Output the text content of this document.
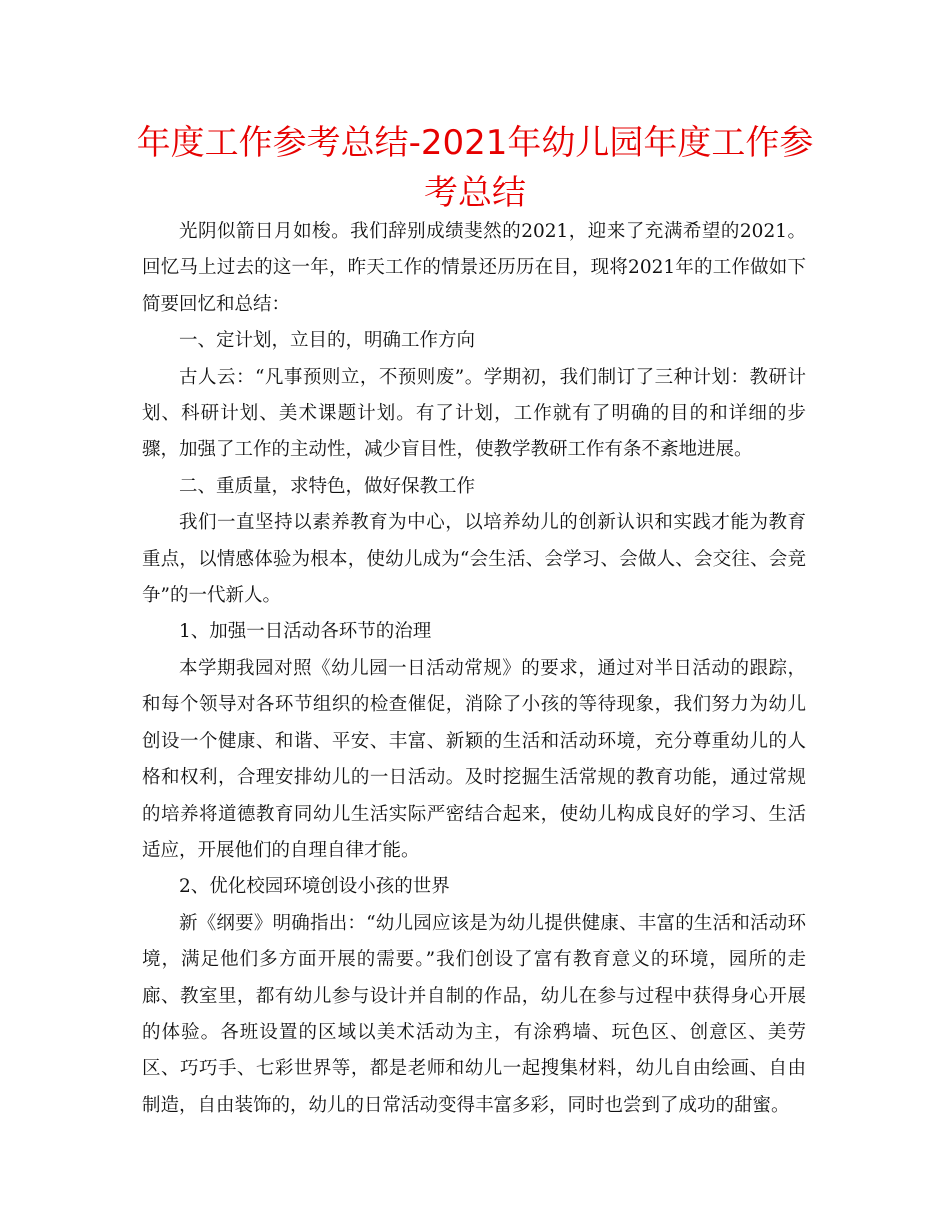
年度工作参考总结-2021年幼儿园年度工作参考总结

光阴似箭日月如梭。我们辞别成绩斐然的2021，迎来了充满希望的2021。回忆马上过去的这一年，昨天工作的情景还历历在目，现将2021年的工作做如下简要回忆和总结：

一、定计划，立目的，明确工作方向

古人云：“凡事预则立，不预则废”。学期初，我们制订了三种计划：教研计划、科研计划、美术课题计划。有了计划，工作就有了明确的目的和详细的步骤，加强了工作的主动性，减少盲目性，使教学教研工作有条不紊地进展。

二、重质量，求特色，做好保教工作

我们一直坚持以素养教育为中心，以培养幼儿的创新认识和实践才能为教育重点，以情感体验为根本，使幼儿成为“会生活、会学习、会做人、会交往、会竞争”的一代新人。

1、加强一日活动各环节的治理

本学期我园对照《幼儿园一日活动常规》的要求，通过对半日活动的跟踪，和每个领导对各环节组织的检查催促，消除了小孩的等待现象，我们努力为幼儿创设一个健康、和谐、平安、丰富、新颖的生活和活动环境，充分尊重幼儿的人格和权利，合理安排幼儿的一日活动。及时挖掘生活常规的教育功能，通过常规的培养将道德教育同幼儿生活实际严密结合起来，使幼儿构成良好的学习、生活适应，开展他们的自理自律才能。

2、优化校园环境创设小孩的世界

新《纲要》明确指出：“幼儿园应该是为幼儿提供健康、丰富的生活和活动环境，满足他们多方面开展的需要。”我们创设了富有教育意义的环境，园所的走廊、教室里，都有幼儿参与设计并自制的作品，幼儿在参与过程中获得身心开展的体验。各班设置的区域以美术活动为主，有涂鸦墙、玩色区、创意区、美劳区、巧巧手、七彩世界等，都是老师和幼儿一起搜集材料，幼儿自由绘画、自由制造，自由装饰的，幼儿的日常活动变得丰富多彩，同时也尝到了成功的甜蜜。
